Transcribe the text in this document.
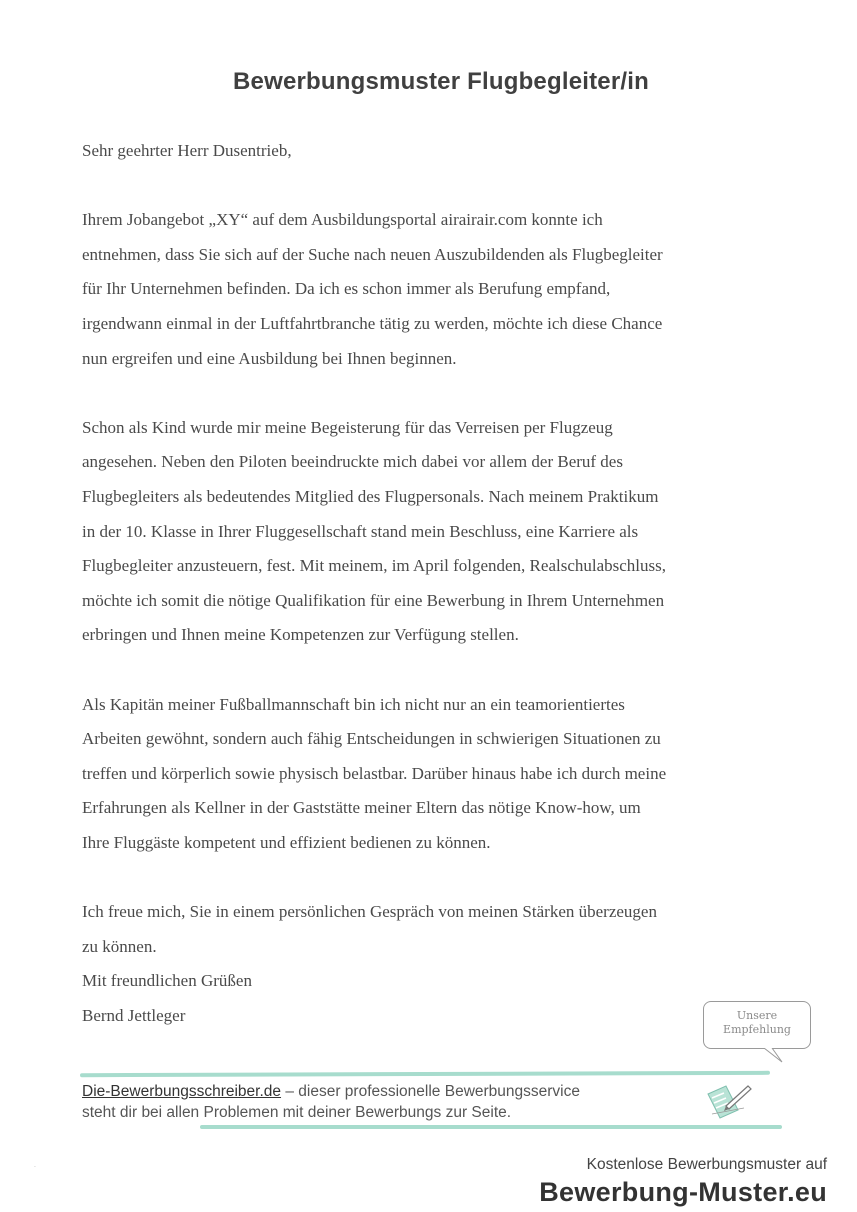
Bewerbungsmuster Flugbegleiter/in

Sehr geehrter Herr Dusentrieb,

Ihrem Jobangebot „XY“ auf dem Ausbildungsportal airairair.com konnte ich
entnehmen, dass Sie sich auf der Suche nach neuen Auszubildenden als Flugbegleiter
für Ihr Unternehmen befinden. Da ich es schon immer als Berufung empfand,
irgendwann einmal in der Luftfahrtbranche tätig zu werden, möchte ich diese Chance
nun ergreifen und eine Ausbildung bei Ihnen beginnen.

Schon als Kind wurde mir meine Begeisterung für das Verreisen per Flugzeug
angesehen. Neben den Piloten beeindruckte mich dabei vor allem der Beruf des
Flugbegleiters als bedeutendes Mitglied des Flugpersonals. Nach meinem Praktikum
in der 10. Klasse in Ihrer Fluggesellschaft stand mein Beschluss, eine Karriere als
Flugbegleiter anzusteuern, fest. Mit meinem, im April folgenden, Realschulabschluss,
möchte ich somit die nötige Qualifikation für eine Bewerbung in Ihrem Unternehmen
erbringen und Ihnen meine Kompetenzen zur Verfügung stellen.

Als Kapitän meiner Fußballmannschaft bin ich nicht nur an ein teamorientiertes
Arbeiten gewöhnt, sondern auch fähig Entscheidungen in schwierigen Situationen zu
treffen und körperlich sowie physisch belastbar. Darüber hinaus habe ich durch meine
Erfahrungen als Kellner in der Gaststätte meiner Eltern das nötige Know-how, um
Ihre Fluggäste kompetent und effizient bedienen zu können.

Ich freue mich, Sie in einem persönlichen Gespräch von meinen Stärken überzeugen
zu können.

Mit freundlichen Grüßen

Bernd Jettleger	Unsere
Empfehlung
Die-Bewerbungsschreiber.de – dieser professionelle Bewerbungsservice
steht dir bei allen Problemen mit deiner Bewerbungs zur Seite.
·	Kostenlose Bewerbungsmuster auf
Bewerbung-Muster.eu
